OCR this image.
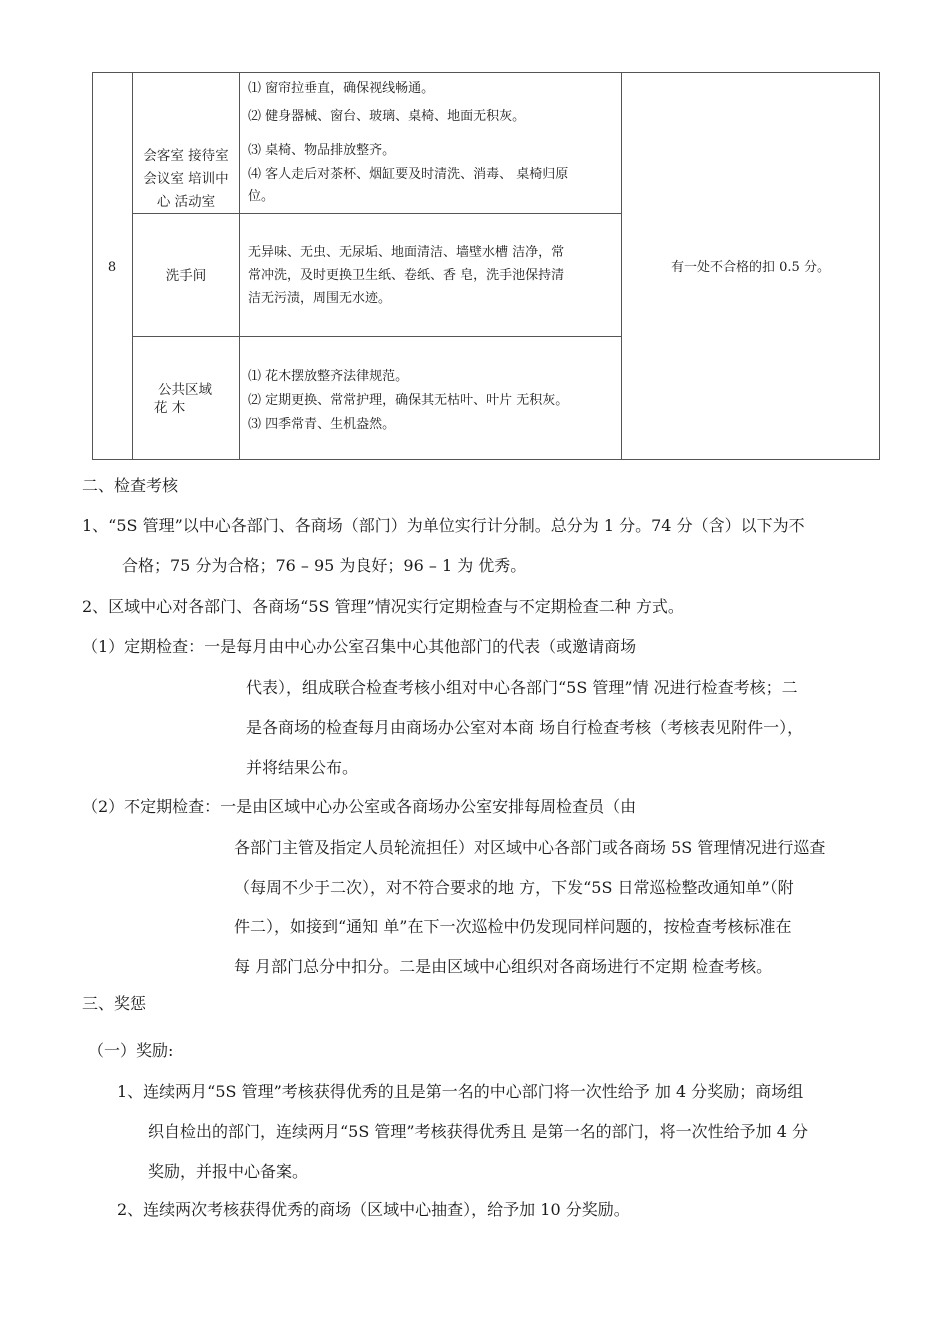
8
会客室 接待室
会议室 培训中
心 活动室
⑴ 窗帘拉垂直，确保视线畅通。
⑵ 健身器械、窗台、玻璃、桌椅、地面无积灰。
⑶ 桌椅、物品排放整齐。
⑷ 客人走后对茶杯、烟缸要及时清洗、消毒、 桌椅归原
位。
洗手间
无异味、无虫、无尿垢、地面清洁、墙壁水槽 洁净，常
常冲洗，及时更换卫生纸、卷纸、香 皂，洗手池保持清
洁无污渍，周围无水迹。
公共区域
花 木
⑴ 花木摆放整齐法律规范。
⑵ 定期更换、常常护理，确保其无枯叶、叶片 无积灰。
⑶ 四季常青、生机盎然。
有一处不合格的扣 0.5 分。
二、检查考核
1、“5S 管理”以中心各部门、各商场（部门）为单位实行计分制。总分为 1 分。74 分（含）以下为不
合格；75 分为合格；76 – 95 为良好；96 – 1 为 优秀。
2、区域中心对各部门、各商场“5S 管理”情况实行定期检查与不定期检查二种 方式。
（1）定期检查：一是每月由中心办公室召集中心其他部门的代表（或邀请商场
代表），组成联合检查考核小组对中心各部门“5S 管理”情 况进行检查考核；二
是各商场的检查每月由商场办公室对本商 场自行检查考核（考核表见附件一），
并将结果公布。
（2）不定期检查：一是由区域中心办公室或各商场办公室安排每周检查员（由
各部门主管及指定人员轮流担任）对区域中心各部门或各商场 5S 管理情况进行巡查
（每周不少于二次），对不符合要求的地 方，下发“5S 日常巡检整改通知单”（附
件二），如接到“通知 单”在下一次巡检中仍发现同样问题的，按检查考核标准在
每 月部门总分中扣分。二是由区域中心组织对各商场进行不定期 检查考核。
三、奖惩
（一）奖励:
1、连续两月“5S 管理”考核获得优秀的且是第一名的中心部门将一次性给予 加 4 分奖励；商场组
织自检出的部门，连续两月“5S 管理”考核获得优秀且 是第一名的部门，将一次性给予加 4 分
奖励，并报中心备案。
2、连续两次考核获得优秀的商场（区域中心抽查），给予加 10 分奖励。
